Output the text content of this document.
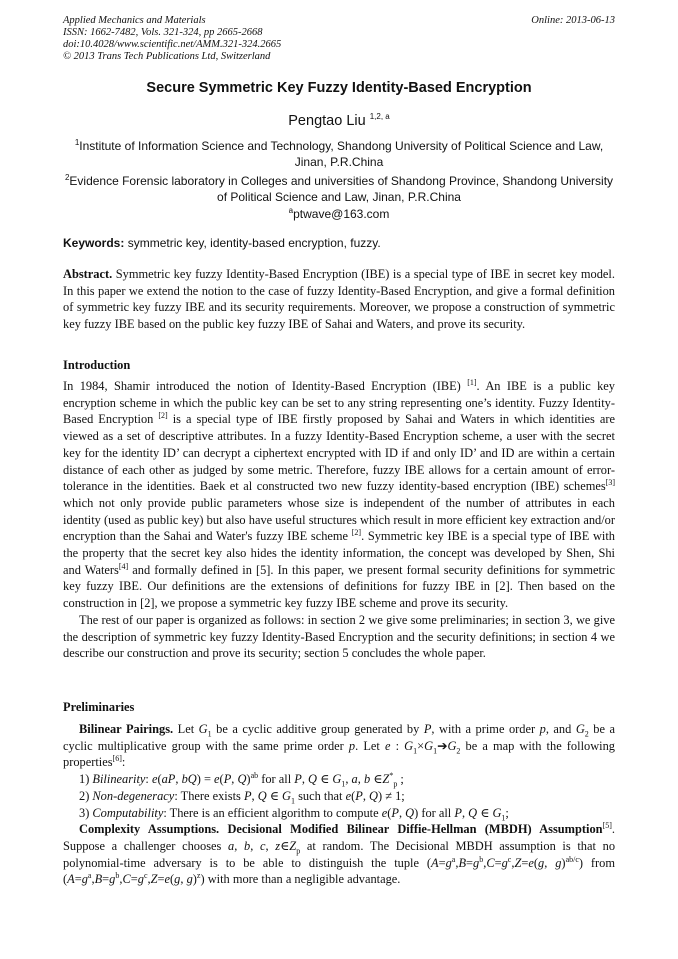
Applied Mechanics and Materials
ISSN: 1662-7482, Vols. 321-324, pp 2665-2668
doi:10.4028/www.scientific.net/AMM.321-324.2665
© 2013 Trans Tech Publications Ltd, Switzerland
Online: 2013-06-13
Secure Symmetric Key Fuzzy Identity-Based Encryption
Pengtao Liu $^{1,2, a}$
$^1$Institute of Information Science and Technology, Shandong University of Political Science and Law, Jinan, P.R.China
$^2$Evidence Forensic laboratory in Colleges and universities of Shandong Province, Shandong University of Political Science and Law, Jinan, P.R.China
$^a$ptwave@163.com
Keywords: symmetric key, identity-based encryption, fuzzy.
Abstract. Symmetric key fuzzy Identity-Based Encryption (IBE) is a special type of IBE in secret key model. In this paper we extend the notion to the case of fuzzy Identity-Based Encryption, and give a formal definition of symmetric key fuzzy IBE and its security requirements. Moreover, we propose a construction of symmetric key fuzzy IBE based on the public key fuzzy IBE of Sahai and Waters, and prove its security.
Introduction

In 1984, Shamir introduced the notion of Identity-Based Encryption (IBE) [1]. An IBE is a public key encryption scheme in which the public key can be set to any string representing one’s identity. Fuzzy Identity-Based Encryption [2] is a special type of IBE firstly proposed by Sahai and Waters in which identities are viewed as a set of descriptive attributes. In a fuzzy Identity-Based Encryption scheme, a user with the secret key for the identity ID’ can decrypt a ciphertext encrypted with ID if and only ID’ and ID are within a certain distance of each other as judged by some metric. Therefore, fuzzy IBE allows for a certain amount of error-tolerance in the identities. Baek et al constructed two new fuzzy identity-based encryption (IBE) schemes[3] which not only provide public parameters whose size is independent of the number of attributes in each identity (used as public key) but also have useful structures which result in more efficient key extraction and/or encryption than the Sahai and Water's fuzzy IBE scheme [2]. Symmetric key IBE is a special type of IBE with the property that the secret key also hides the identity information, the concept was developed by Shen, Shi and Waters[4] and formally defined in [5]. In this paper, we present formal security definitions for symmetric key fuzzy IBE. Our definitions are the extensions of definitions for fuzzy IBE in [2]. Then based on the construction in [2], we propose a symmetric key fuzzy IBE scheme and prove its security.

The rest of our paper is organized as follows: in section 2 we give some preliminaries; in section 3, we give the description of symmetric key fuzzy Identity-Based Encryption and the security definitions; in section 4 we describe our construction and prove its security; section 5 concludes the whole paper.

Preliminaries

Bilinear Pairings. Let $G_1$ be a cyclic additive group generated by P, with a prime order p, and $G_2$ be a cyclic multiplicative group with the same prime order p. Let e : $G_1\times G_1➔G_2$ be a map with the following properties[6]:

1) Bilinearity: e(aP, bQ) = e(P, Q)$^{ab}$ for all P, Q ∈ $G_1$, a, b $\in Z^*_p$ ;

2) Non-degeneracy: There exists P, Q ∈ $G_1$ such that e(P, Q) ≠ 1;

3) Computability: There is an efficient algorithm to compute e(P, Q) for all P, Q ∈ $G_1$;

Complexity Assumptions. Decisional Modified Bilinear Diffie-Hellman (MBDH) Assumption[5]. Suppose a challenger chooses a, b, c, $z\in Z_p$ at random. The Decisional MBDH assumption is that no polynomial-time adversary is to be able to distinguish the tuple ($A=g^a,B=g^b,C=g^c,Z=e(g$, g)$^{ab/c}$) from ($A=g^a,B=g^b,C=g^c,Z=e(g$, g)$^z$) with more than a negligible advantage.
